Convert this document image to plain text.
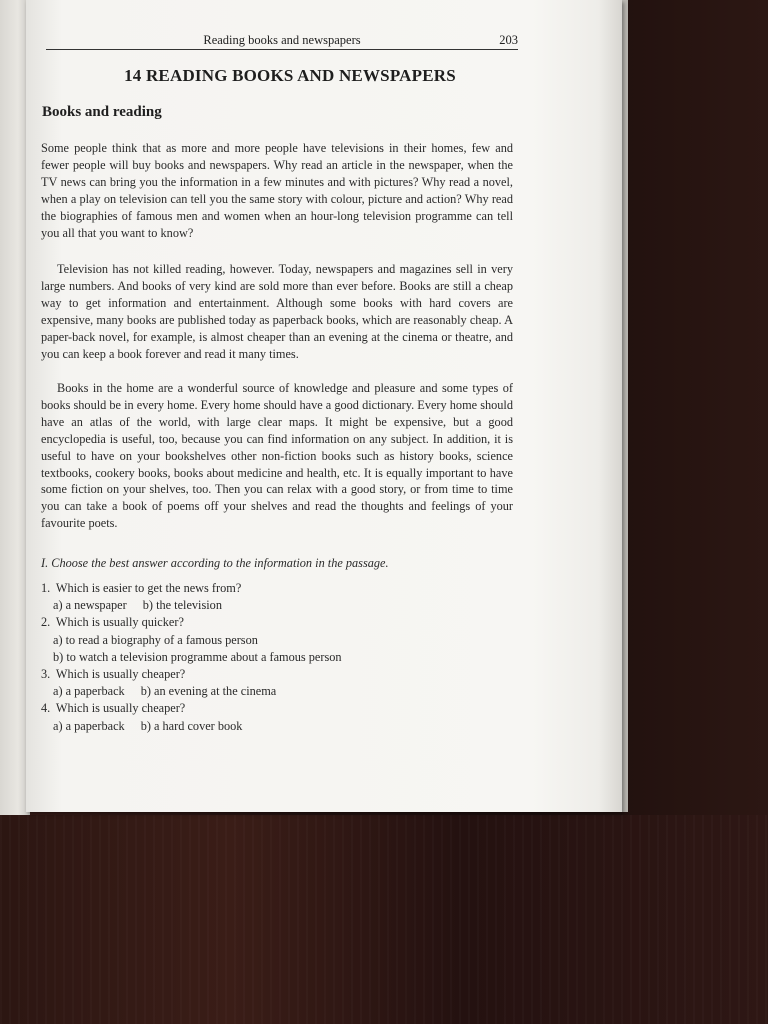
Reading books and newspapers	203
14 READING BOOKS AND NEWSPAPERS
Books and reading

Some people think that as more and more people have televisions in their homes, few and fewer people will buy books and newspapers. Why read an article in the newspaper, when the TV news can bring you the information in a few minutes and with pictures? Why read a novel, when a play on television can tell you the same story with colour, picture and action? Why read the biographies of famous men and women when an hour-long television programme can tell you all that you want to know?

Television has not killed reading, however. Today, newspapers and magazines sell in very large numbers. And books of very kind are sold more than ever before. Books are still a cheap way to get information and entertainment. Although some books with hard covers are expensive, many books are published today as paperback books, which are reasonably cheap. A paper-back novel, for example, is almost cheaper than an evening at the cinema or theatre, and you can keep a book forever and read it many times.

Books in the home are a wonderful source of knowledge and pleasure and some types of books should be in every home. Every home should have a good dictionary. Every home should have an atlas of the world, with large clear maps. It might be expensive, but a good encyclopedia is useful, too, because you can find information on any subject. In addition, it is useful to have on your bookshelves other non-fiction books such as history books, science textbooks, cookery books, books about medicine and health, etc. It is equally important to have some fiction on your shelves, too. Then you can relax with a good story, or from time to time you can take a book of poems off your shelves and read the thoughts and feelings of your favourite poets.

I. Choose the best answer according to the information in the passage.
1. Which is easier to get the news from?
a) a newspaper b) the television
2. Which is usually quicker?
a) to read a biography of a famous person
b) to watch a television programme about a famous person
3. Which is usually cheaper?
a) a paperback b) an evening at the cinema
4. Which is usually cheaper?
a) a paperback b) a hard cover book
